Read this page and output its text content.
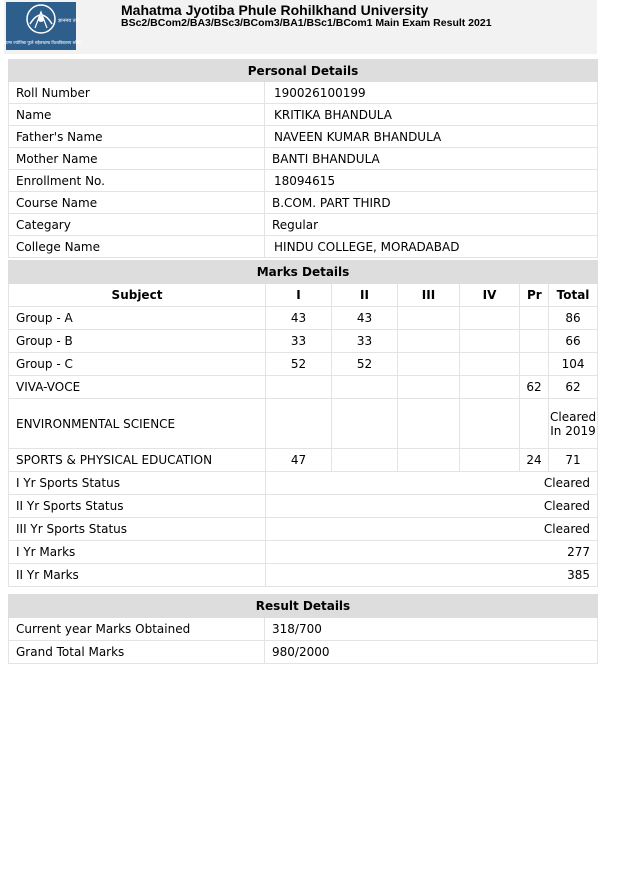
ज्ञानमय तपः
महात्मा ज्योतिबा फुले रुहेलखण्ड विश्वविद्यालय बरेली
Mahatma Jyotiba Phule Rohilkhand University
BSc2/BCom2/BA3/BSc3/BCom3/BA1/BSc1/BCom1 Main Exam Result 2021
Personal Details	
Roll Number	190026100199
Name	KRITIKA BHANDULA
Father's Name	NAVEEN KUMAR BHANDULA
Mother Name	BANTI BHANDULA
Enrollment No.	18094615
Course Name	B.COM. PART THIRD
Categary	Regular
College Name	HINDU COLLEGE, MORADABAD
Marks Details						
Subject	I	II	III	IV	Pr	Total
Group - A	43	43				86
Group - B	33	33				66
Group - C	52	52				104
VIVA-VOCE					62	62
ENVIRONMENTAL SCIENCE						Cleared In 2019
SPORTS & PHYSICAL EDUCATION	47				24	71
I Yr Sports Status	Cleared					
II Yr Sports Status	Cleared					
III Yr Sports Status	Cleared					
I Yr Marks	277					
II Yr Marks	385					
Result Details	
Current year Marks Obtained	318/700
Grand Total Marks	980/2000
